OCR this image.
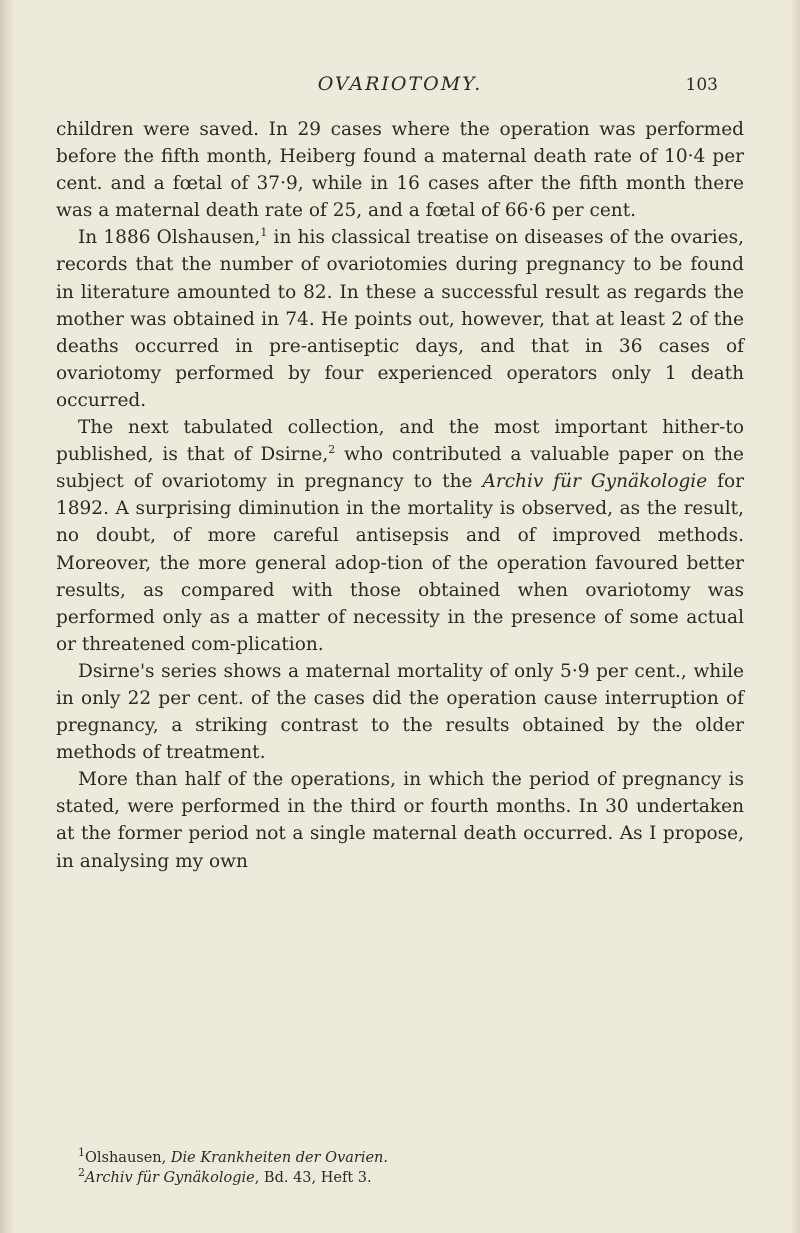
OVARIOTOMY.	103

children were saved. In 29 cases where the operation was performed before the fifth month, Heiberg found a maternal death rate of 10·4 per cent. and a fœtal of 37·9, while in 16 cases after the fifth month there was a maternal death rate of 25, and a fœtal of 66·6 per cent.

In 1886 Olshausen,$^1$ in his classical treatise on diseases of the ovaries, records that the number of ovariotomies during pregnancy to be found in literature amounted to 82. In these a successful result as regards the mother was obtained in 74. He points out, however, that at least 2 of the deaths occurred in pre-antiseptic days, and that in 36 cases of ovariotomy performed by four experienced operators only 1 death occurred.

The next tabulated collection, and the most important hither-to published, is that of Dsirne,$^2$ who contributed a valuable paper on the subject of ovariotomy in pregnancy to the Archiv für Gynäkologie for 1892. A surprising diminution in the mortality is observed, as the result, no doubt, of more careful antisepsis and of improved methods. Moreover, the more general adop-tion of the operation favoured better results, as compared with those obtained when ovariotomy was performed only as a matter of necessity in the presence of some actual or threatened com-plication.

Dsirne's series shows a maternal mortality of only 5·9 per cent., while in only 22 per cent. of the cases did the operation cause interruption of pregnancy, a striking contrast to the results obtained by the older methods of treatment.

More than half of the operations, in which the period of pregnancy is stated, were performed in the third or fourth months. In 30 undertaken at the former period not a single maternal death occurred. As I propose, in analysing my own

$^1$Olshausen, Die Krankheiten der Ovarien.
$^2$Archiv für Gynäkologie, Bd. 43, Heft 3.
